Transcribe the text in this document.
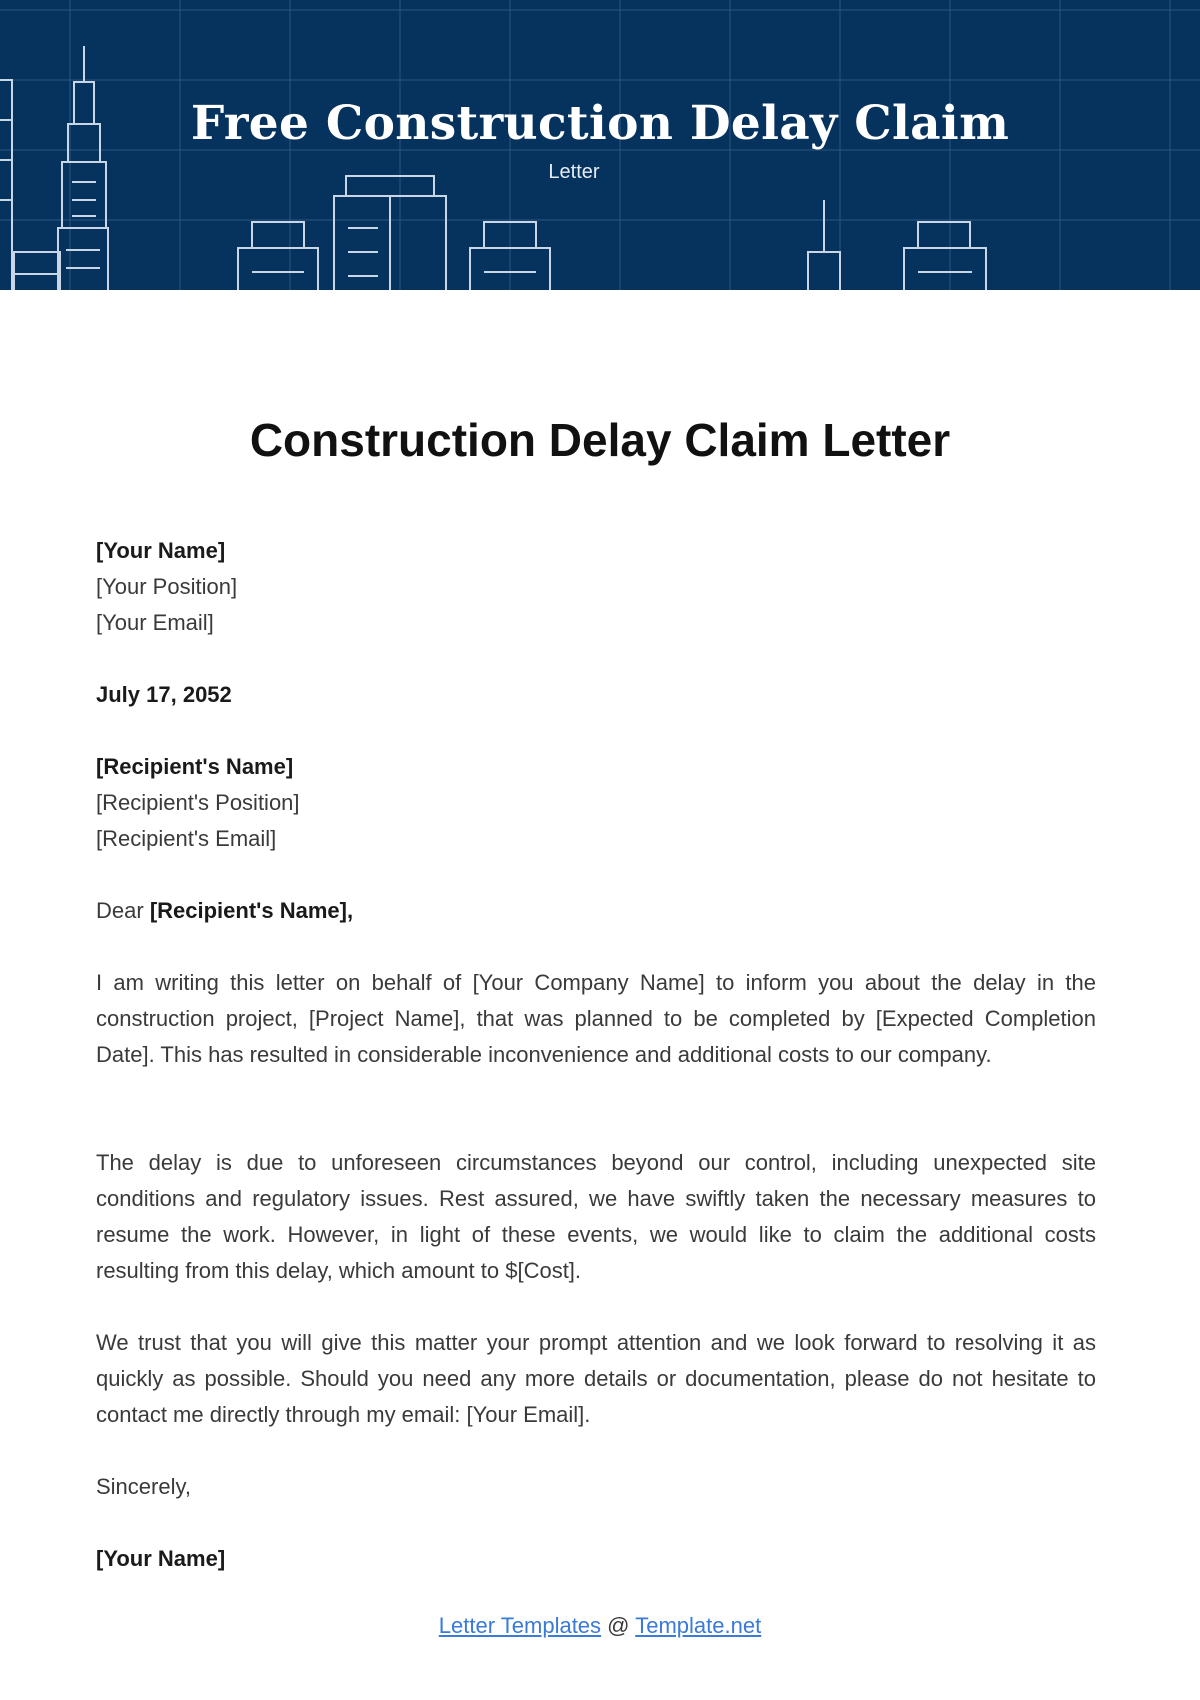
Free Construction Delay Claim
Letter
Construction Delay Claim Letter
[Your Name]
[Your Position]
[Your Email]
July 17, 2052
[Recipient's Name]
[Recipient's Position]
[Recipient's Email]
Dear [Recipient's Name],
I am writing this letter on behalf of [Your Company Name] to inform you about the delay in the construction project, [Project Name], that was planned to be completed by [Expected Completion Date]. This has resulted in considerable inconvenience and additional costs to our company.
The delay is due to unforeseen circumstances beyond our control, including unexpected site conditions and regulatory issues. Rest assured, we have swiftly taken the necessary measures to resume the work. However, in light of these events, we would like to claim the additional costs resulting from this delay, which amount to $[Cost].
We trust that you will give this matter your prompt attention and we look forward to resolving it as quickly as possible. Should you need any more details or documentation, please do not hesitate to contact me directly through my email: [Your Email].
Sincerely,
[Your Name]
Letter Templates @ Template.net
